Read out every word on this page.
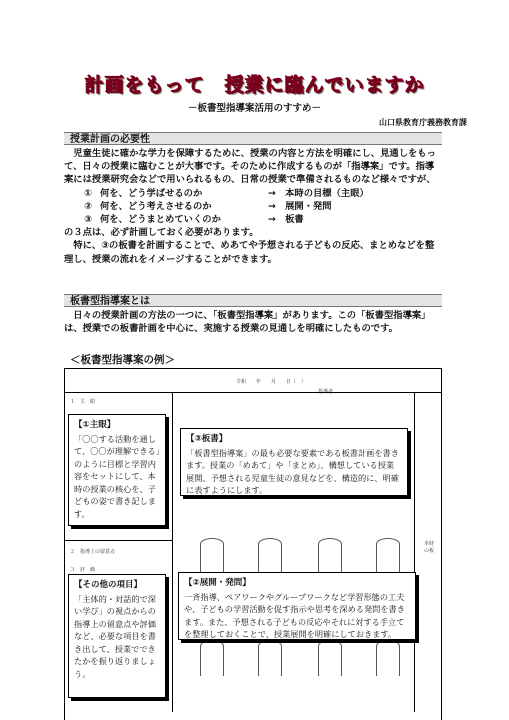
計画をもって　授業に臨んでいますか
－板書型指導案活用のすすめ－
山口県教育庁義務教育課
授業計画の必要性

　児童生徒に確かな学力を保障するために、授業の内容と方法を明確にし、見通しをもって、日々の授業に臨むことが大事です。そのために作成するものが「指導案」です。指導案には授業研究会などで用いられるもの、日常の授業で準備されるものなど様々ですが、

① 何を、どう学ばせるのか	→　 本時の目標（主眼）
② 何を、どう考えさせるのか	→　 展開・発問
③ 何を、どうまとめていくのか	→　 板書

の３点は、必ず計画しておく必要があります。

　特に、③の板書を計画することで、めあてや予想される子どもの反応、まとめなどを整理し、授業の流れをイメージすることができます。

板書型指導案とは
　日々の授業計画の方法の一つに、「板書型指導案」があります。この「板書型指導案」は、授業での板書計画を中心に、実施する授業の見通しを明確にしたものです。
＜板書型指導案の例＞
令和　　年　　月　　日（　）
１　主　眼
２　指導上の留意点
３　評　価
本時の板
【①主眼】

「〇〇する活動を通して、〇〇が理解できる」のように目標と学習内容をセットにして、本時の授業の核心を、子どもの姿で書き記します。

【その他の項目】

「主体的・対話的で深い学び」の視点からの指導上の留意点や評価など、必要な項目を書き出して、授業でできたかを振り返りましょう。

【③板書】

「板書型指導案」の最も必要な要素である板書計画を書きます。授業の「めあて」や「まとめ」、構想している授業展開、予想される児童生徒の意見などを、構造的に、明確に表すようにします。

【②展開・発問】

一斉指導、ペアワークやグループワークなど学習形態の工夫や、子どもの学習活動を促す指示や思考を深める発問を書きます。また、予想される子どもの反応やそれに対する手立てを整理しておくことで、授業展開を明確にしておきます。
